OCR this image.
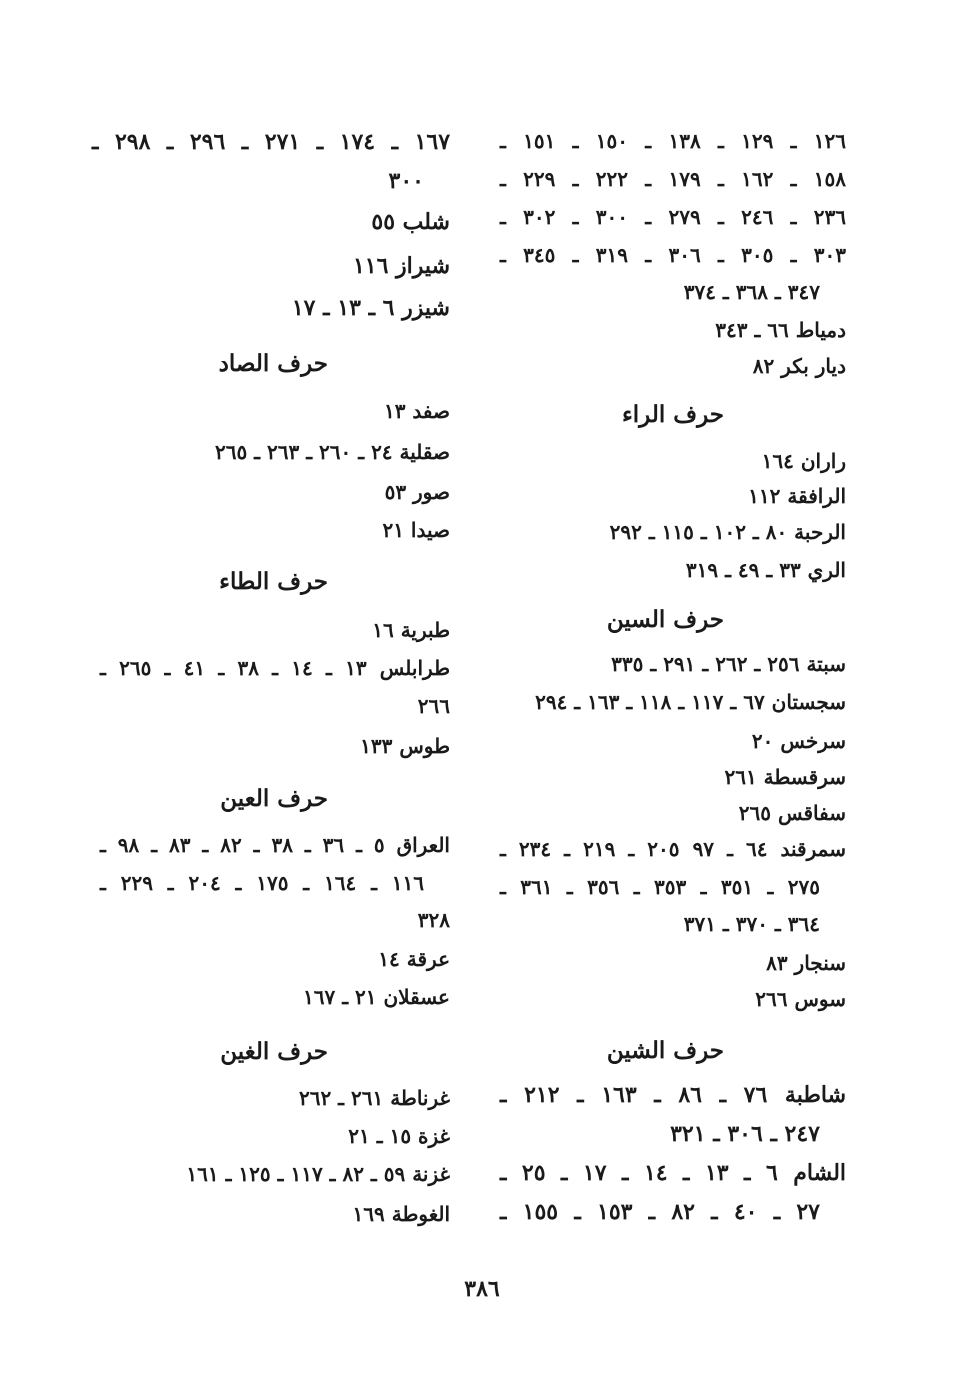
١٢٦ ـ ١٢٩ ـ ١٣٨ ـ ١٥٠ ـ ١٥١ ـ
١٥٨ ـ ١٦٢ ـ ١٧٩ ـ ٢٢٢ ـ ٢٢٩ ـ
٢٣٦ ـ ٢٤٦ ـ ٢٧٩ ـ ٣٠٠ ـ ٣٠٢ ـ
٣٠٣ ـ ٣٠٥ ـ ٣٠٦ ـ ٣١٩ ـ ٣٤٥ ـ
٣٤٧ ـ ٣٦٨ ـ ٣٧٤
دمياط ٦٦ ـ ٣٤٣
ديار بكر ٨٢
حرف الراء
راران ١٦٤
الرافقة ١١٢
الرحبة ٨٠ ـ ١٠٢ ـ ١١٥ ـ ٢٩٢
الري ٣٣ ـ ٤٩ ـ ٣١٩
حرف السين
سبتة ٢٥٦ ـ ٢٦٢ ـ ٢٩١ ـ ٣٣٥
سجستان ٦٧ ـ ١١٧ ـ ١١٨ ـ ١٦٣ ـ ٢٩٤
سرخس ٢٠
سرقسطة ٢٦١
سفاقس ٢٦٥
سمرقند ٦٤ ـ ٩٧ ٢٠٥ ـ ٢١٩ ـ ٢٣٤ ـ
٢٧٥ ـ ٣٥١ ـ ٣٥٣ ـ ٣٥٦ ـ ٣٦١ ـ
٣٦٤ ـ ٣٧٠ ـ ٣٧١
سنجار ٨٣
سوس ٢٦٦
حرف الشين
شاطبة ٧٦ ـ ٨٦ ـ ١٦٣ ـ ٢١٢ ـ
٢٤٧ ـ ٣٠٦ ـ ٣٢١
الشام ٦ ـ ١٣ ـ ١٤ ـ ١٧ ـ ٢٥ ـ
٢٧ ـ ٤٠ ـ ٨٢ ـ ١٥٣ ـ ١٥٥ ـ
١٦٧ ـ ١٧٤ ـ ٢٧١ ـ ٢٩٦ ـ ٢٩٨ ـ
٣٠٠
شلب ٥٥
شيراز ١١٦
شيزر ٦ ـ ١٣ ـ ١٧
حرف الصاد
صفد ١٣
صقلية ٢٤ ـ ٢٦٠ ـ ٢٦٣ ـ ٢٦٥
صور ٥٣
صيدا ٢١
حرف الطاء
طبرية ١٦
طرابلس ١٣ ـ ١٤ ـ ٣٨ ـ ٤١ ـ ٢٦٥ ـ
٢٦٦
طوس ١٣٣
حرف العين
العراق ٥ ـ ٣٦ ـ ٣٨ ـ ٨٢ ـ ٨٣ ـ ٩٨ ـ
١١٦ ـ ١٦٤ ـ ١٧٥ ـ ٢٠٤ ـ ٢٢٩ ـ
٣٢٨
عرقة ١٤
عسقلان ٢١ ـ ١٦٧
حرف الغين
غرناطة ٢٦١ ـ ٢٦٢
غزة ١٥ ـ ٢١
غزنة ٥٩ ـ ٨٢ ـ ١١٧ ـ ١٢٥ ـ ١٦١
الغوطة ١٦٩
٣٨٦
